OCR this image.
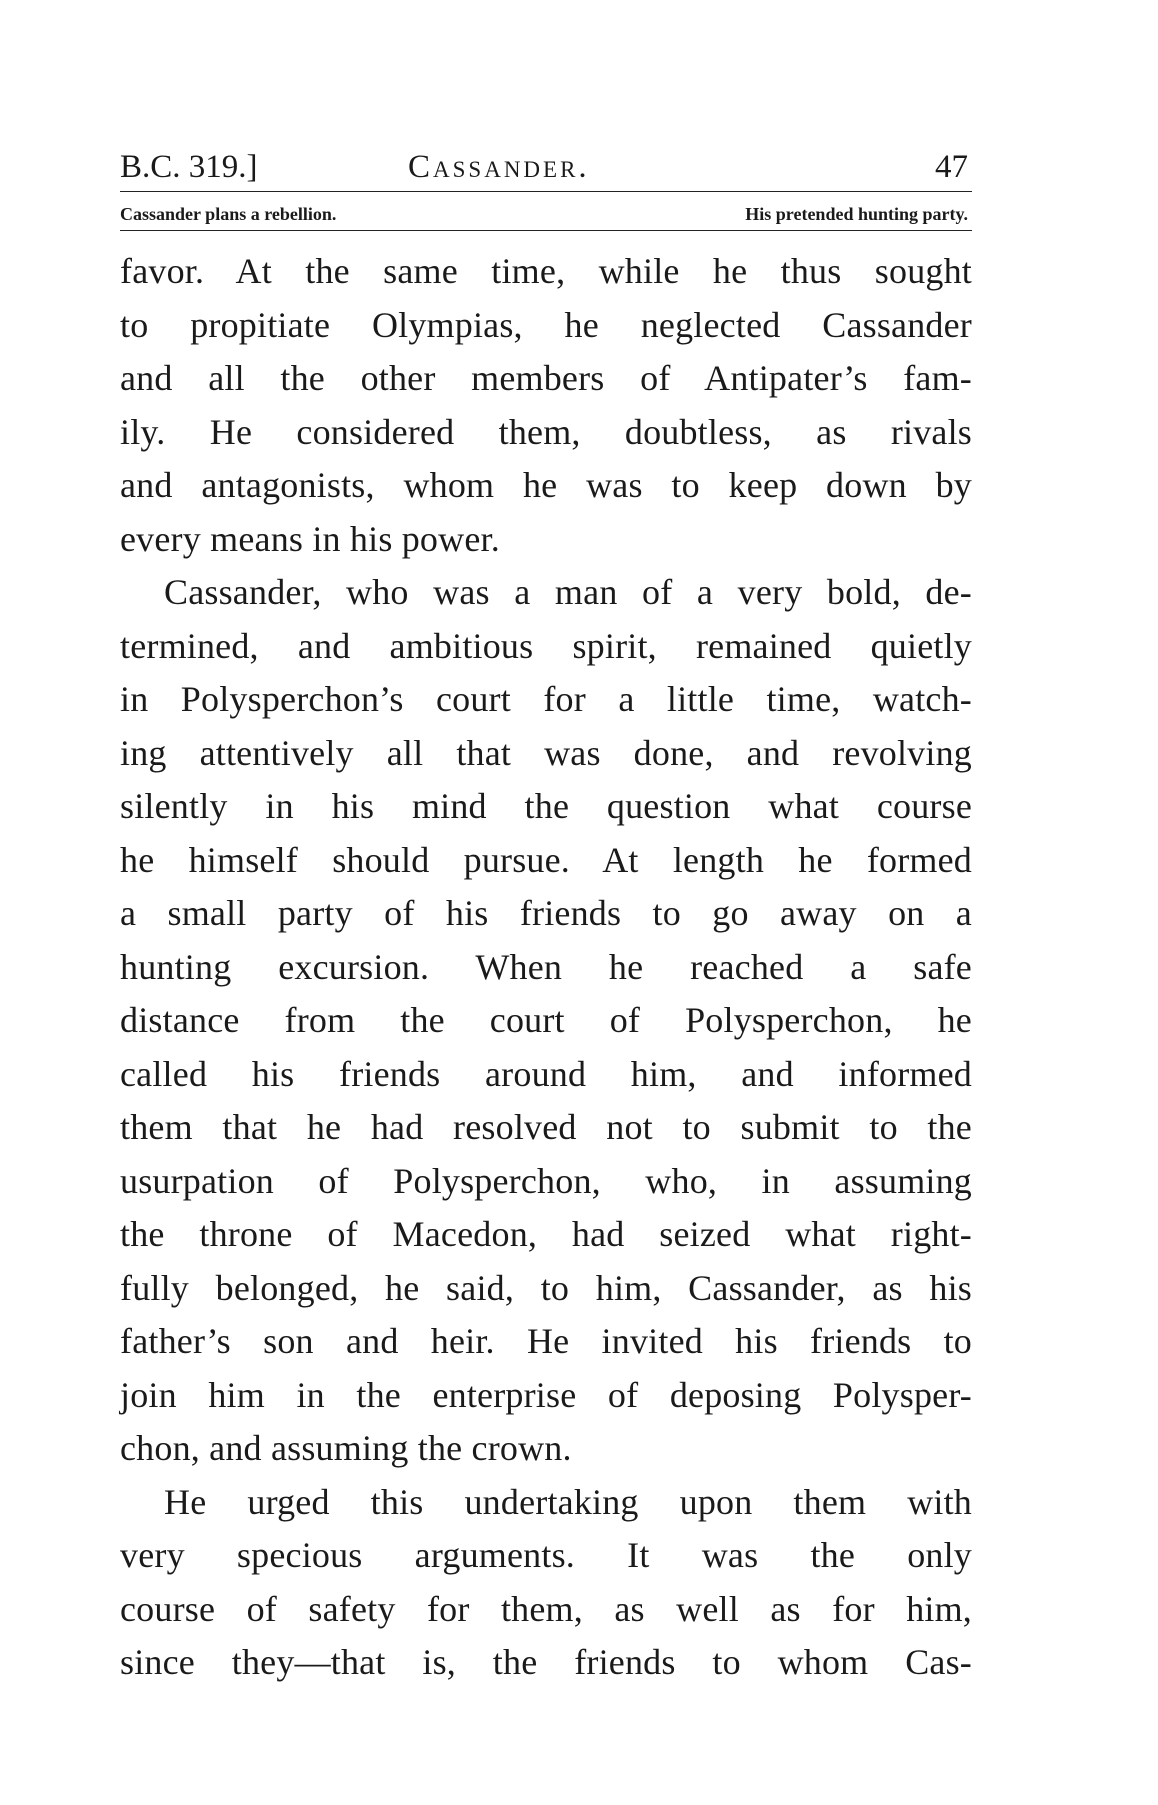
B.C. 319.]	Cassander.	47
Cassander plans a rebellion.	His pretended hunting party.

favor. At the same time, while he thus sought
to propitiate Olympias, he neglected Cassander
and all the other members of Antipater’s fam-
ily. He considered them, doubtless, as rivals
and antagonists, whom he was to keep down by
every means in his power.

Cassander, who was a man of a very bold, de-
termined, and ambitious spirit, remained quietly
in Polysperchon’s court for a little time, watch-
ing attentively all that was done, and revolving
silently in his mind the question what course
he himself should pursue. At length he formed
a small party of his friends to go away on a
hunting excursion. When he reached a safe
distance from the court of Polysperchon, he
called his friends around him, and informed
them that he had resolved not to submit to the
usurpation of Polysperchon, who, in assuming
the throne of Macedon, had seized what right-
fully belonged, he said, to him, Cassander, as his
father’s son and heir. He invited his friends to
join him in the enterprise of deposing Polysper-
chon, and assuming the crown.

He urged this undertaking upon them with
very specious arguments. It was the only
course of safety for them, as well as for him,
since they—that is, the friends to whom Cas-
